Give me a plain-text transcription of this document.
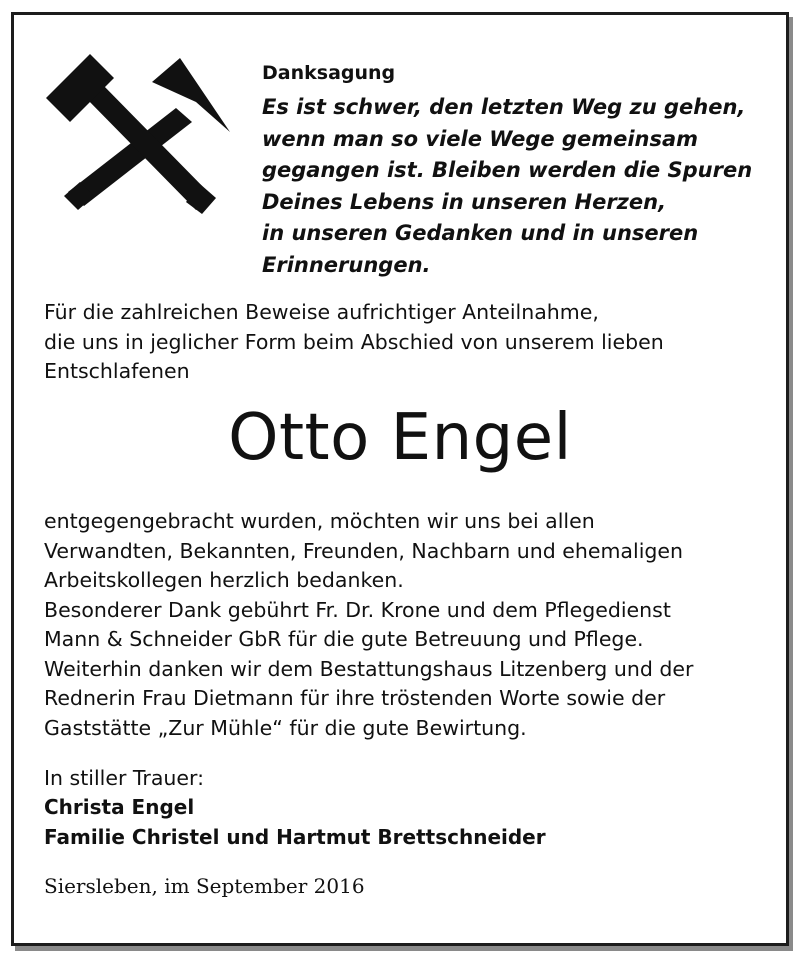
Danksagung

Es ist schwer, den letzten Weg zu gehen,
wenn man so viele Wege gemeinsam
gegangen ist. Bleiben werden die Spuren
Deines Lebens in unseren Herzen,
in unseren Gedanken und in unseren
Erinnerungen.

Für die zahlreichen Beweise aufrichtiger Anteilnahme,
die uns in jeglicher Form beim Abschied von unserem lieben
Entschlafenen

Otto Engel

entgegengebracht wurden, möchten wir uns bei allen
Verwandten, Bekannten, Freunden, Nachbarn und ehemaligen
Arbeitskollegen herzlich bedanken.
Besonderer Dank gebührt Fr. Dr. Krone und dem Pflegedienst
Mann & Schneider GbR für die gute Betreuung und Pflege.
Weiterhin danken wir dem Bestattungshaus Litzenberg und der
Rednerin Frau Dietmann für ihre tröstenden Worte sowie der
Gaststätte „Zur Mühle“ für die gute Bewirtung.

In stiller Trauer:

Christa Engel
Familie Christel und Hartmut Brettschneider

Siersleben, im September 2016
